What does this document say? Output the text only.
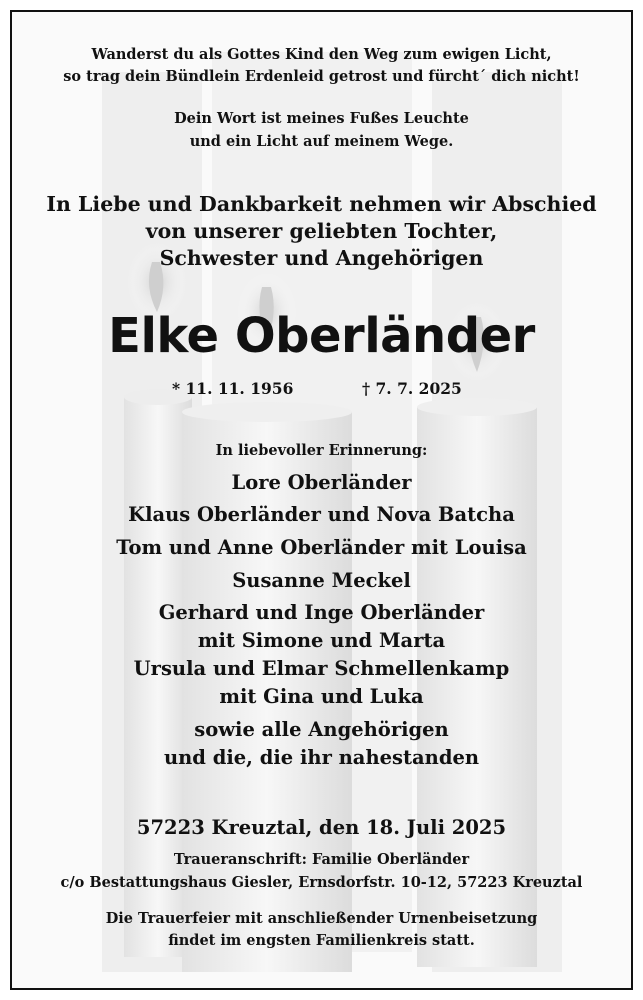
Wanderst du als Gottes Kind den Weg zum ewigen Licht,
so trag dein Bündlein Erdenleid getrost und fürcht´ dich nicht!
Dein Wort ist meines Fußes Leuchte
und ein Licht auf meinem Wege.
In Liebe und Dankbarkeit nehmen wir Abschied
von unserer geliebten Tochter,
Schwester und Angehörigen
Elke Oberländer
* 11. 11. 1956	† 7. 7. 2025
In liebevoller Erinnerung:
Lore Oberländer
Klaus Oberländer und Nova Batcha
Tom und Anne Oberländer mit Louisa
Susanne Meckel
Gerhard und Inge Oberländer
mit Simone und Marta
Ursula und Elmar Schmellenkamp
mit Gina und Luka
sowie alle Angehörigen
und die, die ihr nahestanden
57223 Kreuztal, den 18. Juli 2025
Traueranschrift: Familie Oberländer
c/o Bestattungshaus Giesler, Ernsdorfstr. 10-12, 57223 Kreuztal
Die Trauerfeier mit anschließender Urnenbeisetzung
findet im engsten Familienkreis statt.
